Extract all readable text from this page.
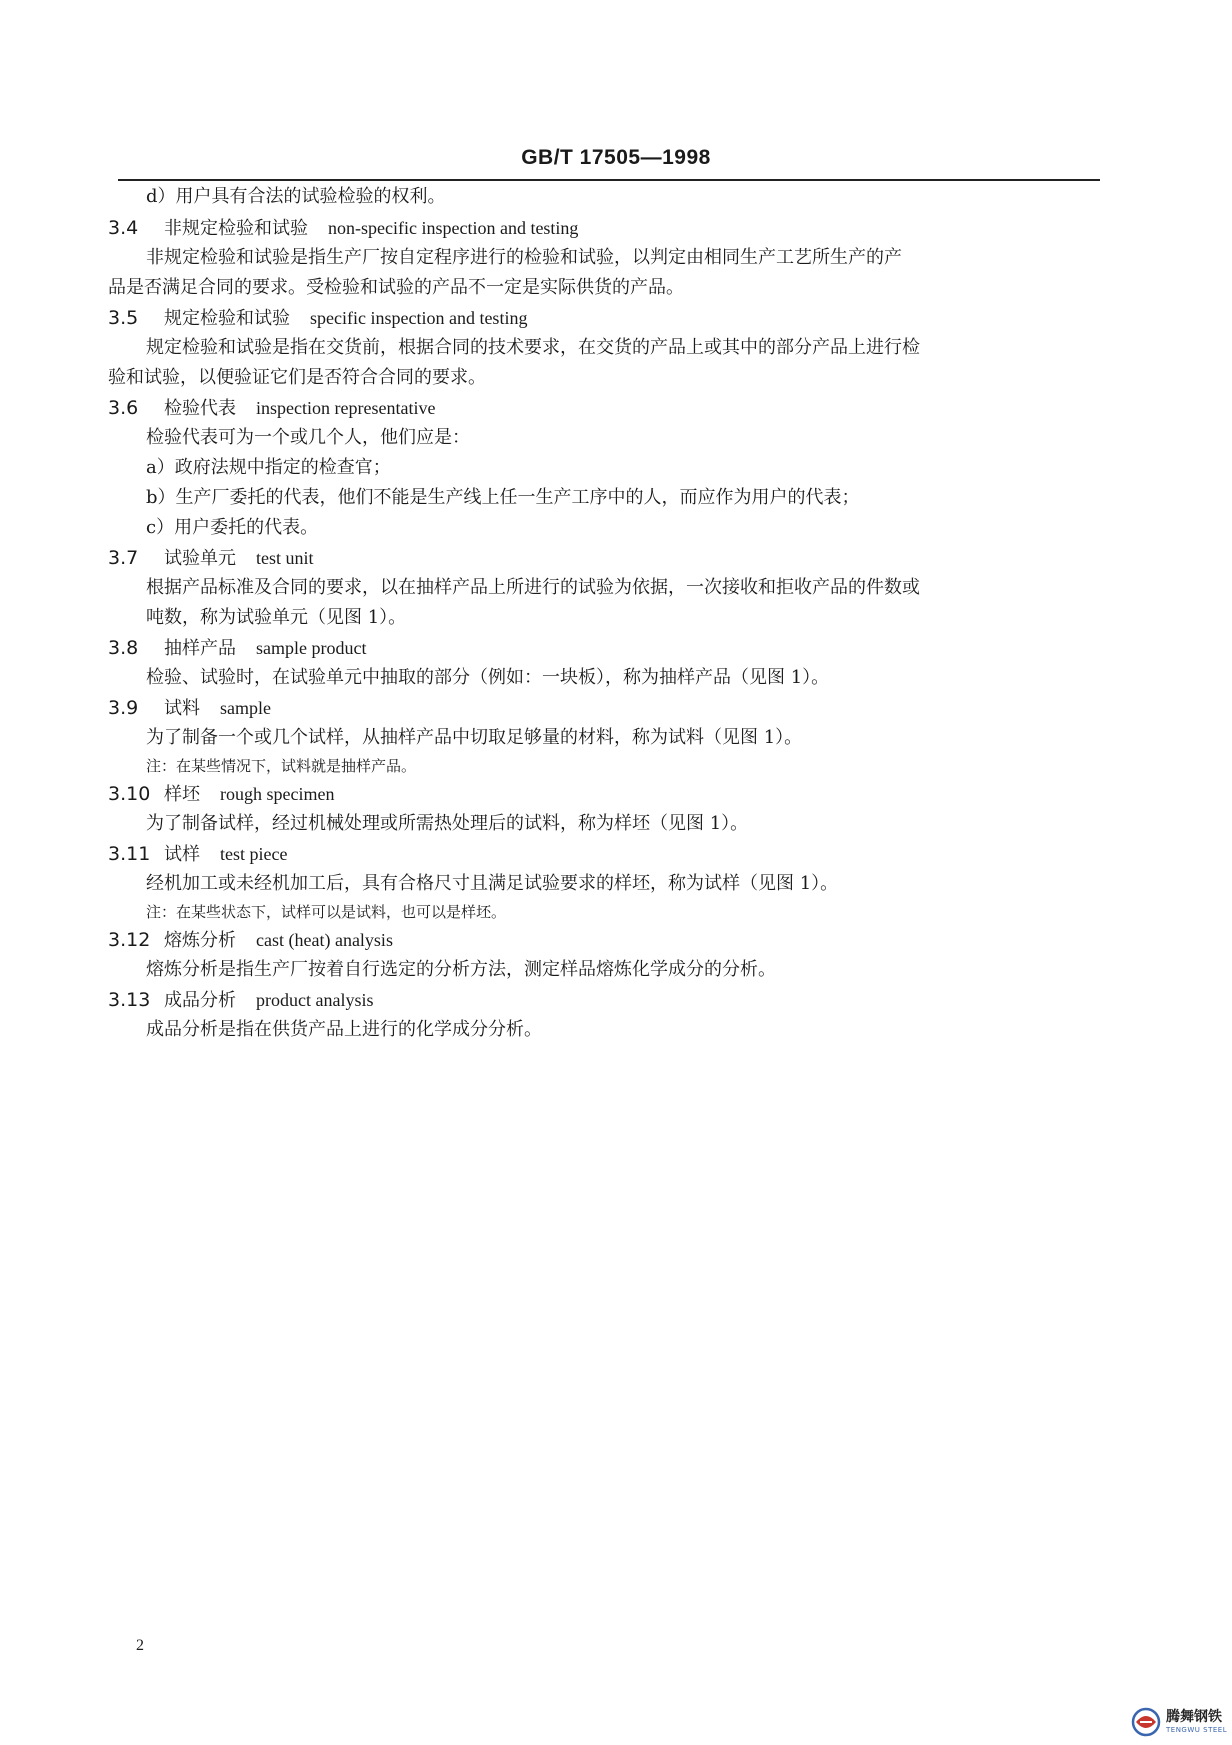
GB/T 17505—1998
d）用户具有合法的试验检验的权利。
3.4 非规定检验和试验 non-specific inspection and testing
非规定检验和试验是指生产厂按自定程序进行的检验和试验，以判定由相同生产工艺所生产的产
品是否满足合同的要求。受检验和试验的产品不一定是实际供货的产品。
3.5 规定检验和试验 specific inspection and testing
规定检验和试验是指在交货前，根据合同的技术要求，在交货的产品上或其中的部分产品上进行检
验和试验，以便验证它们是否符合合同的要求。
3.6 检验代表 inspection representative
检验代表可为一个或几个人，他们应是：
a）政府法规中指定的检查官；
b）生产厂委托的代表，他们不能是生产线上任一生产工序中的人，而应作为用户的代表；
c）用户委托的代表。
3.7 试验单元 test unit
根据产品标准及合同的要求，以在抽样产品上所进行的试验为依据，一次接收和拒收产品的件数或
吨数，称为试验单元（见图 1）。
3.8 抽样产品 sample product
检验、试验时，在试验单元中抽取的部分（例如：一块板），称为抽样产品（见图 1）。
3.9 试料 sample
为了制备一个或几个试样，从抽样产品中切取足够量的材料，称为试料（见图 1）。
注：在某些情况下，试料就是抽样产品。
3.10 样坯 rough specimen
为了制备试样，经过机械处理或所需热处理后的试料，称为样坯（见图 1）。
3.11 试样 test piece
经机加工或未经机加工后，具有合格尺寸且满足试验要求的样坯，称为试样（见图 1）。
注：在某些状态下，试样可以是试料，也可以是样坯。
3.12 熔炼分析 cast (heat) analysis
熔炼分析是指生产厂按着自行选定的分析方法，测定样品熔炼化学成分的分析。
3.13 成品分析 product analysis
成品分析是指在供货产品上进行的化学成分分析。
2
腾舞钢铁
TENGWU STEEL
